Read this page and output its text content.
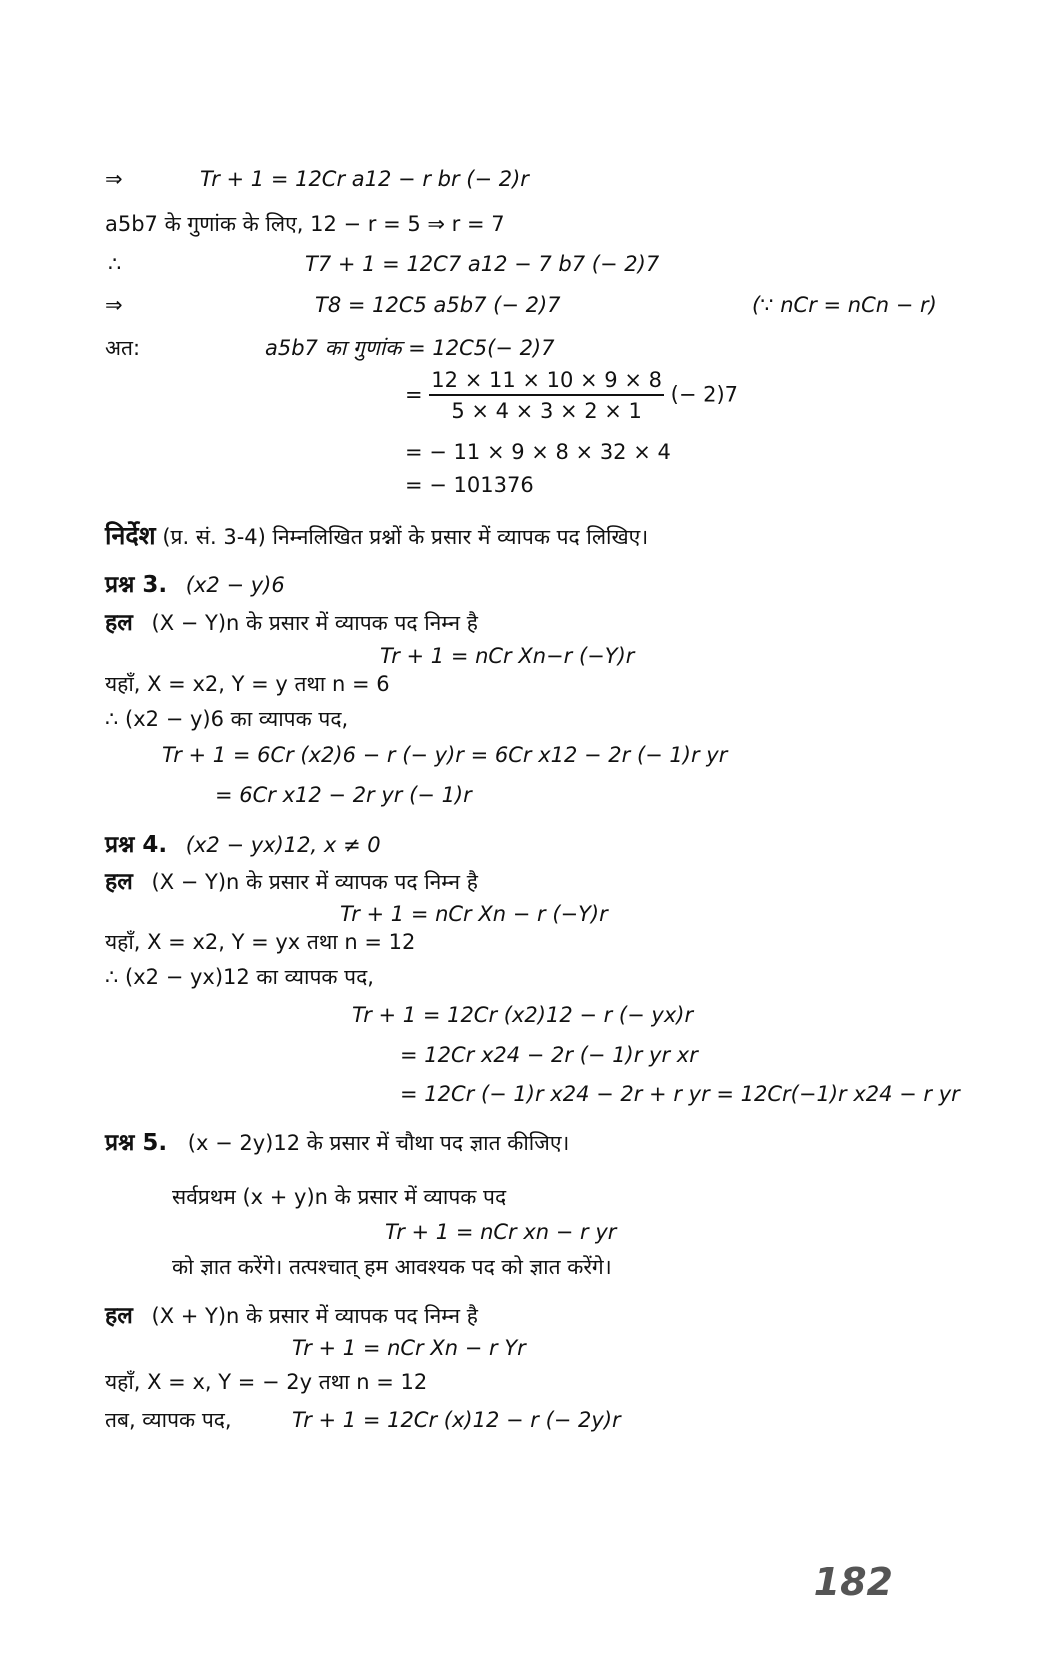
⇒	Tr + 1 = 12Cr a12 − r br (− 2)r
a5b7 के गुणांक के लिए, 12 − r = 5 ⇒ r = 7
∴	T7 + 1 = 12C7 a12 − 7 b7 (− 2)7
⇒	T8 = 12C5 a5b7 (− 2)7	(∵ nCr = nCn − r)
अत:	a5b7 का गुणांक = 12C5(− 2)7
= $\frac{12 \times 11 \times 10 \times 9 \times 8}{5 \times 4 \times 3 \times 2 \times 1}$ (− 2)7
= − 11 × 9 × 8 × 32 × 4
= − 101376
निर्देश (प्र. सं. 3-4) निम्नलिखित प्रश्नों के प्रसार में व्यापक पद लिखिए।
प्रश्न 3. (x2 − y)6
हल (X − Y)n के प्रसार में व्यापक पद निम्न है
Tr + 1 = nCr Xn−r (−Y)r
यहाँ, X = x2, Y = y तथा n = 6
∴ (x2 − y)6 का व्यापक पद,
Tr + 1 = 6Cr (x2)6 − r (− y)r = 6Cr x12 − 2r (− 1)r yr
= 6Cr x12 − 2r yr (− 1)r
प्रश्न 4. (x2 − yx)12, x ≠ 0
हल (X − Y)n के प्रसार में व्यापक पद निम्न है
Tr + 1 = nCr Xn − r (−Y)r
यहाँ, X = x2, Y = yx तथा n = 12
∴ (x2 − yx)12 का व्यापक पद,
Tr + 1 = 12Cr (x2)12 − r (− yx)r
= 12Cr x24 − 2r (− 1)r yr xr
= 12Cr (− 1)r x24 − 2r + r yr = 12Cr(−1)r x24 − r yr
प्रश्न 5. (x − 2y)12 के प्रसार में चौथा पद ज्ञात कीजिए।
सर्वप्रथम (x + y)n के प्रसार में व्यापक पद
Tr + 1 = nCr xn − r yr
को ज्ञात करेंगे। तत्पश्चात् हम आवश्यक पद को ज्ञात करेंगे।
हल (X + Y)n के प्रसार में व्यापक पद निम्न है
Tr + 1 = nCr Xn − r Yr
यहाँ, X = x, Y = − 2y तथा n = 12
तब, व्यापक पद,	Tr + 1 = 12Cr (x)12 − r (− 2y)r
182
